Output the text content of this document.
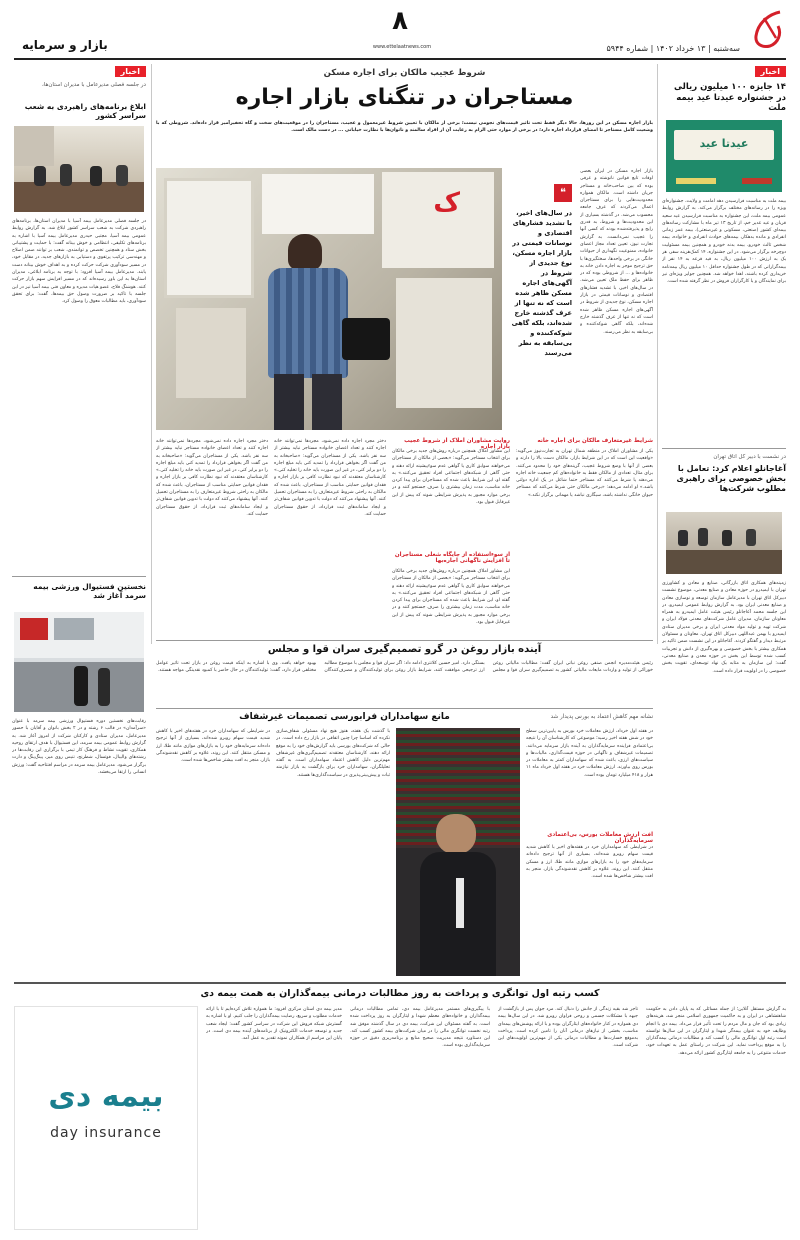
سه‌شنبه | ۱۳ خرداد ۱۴۰۲ | شماره ۵۹۴۴
۸
www.ettelaatnews.com
بازار و سرمایه
اخبار
۱۴ جایزه ۱۰۰ میلیون ریالی در جشنواره عیدتا عید بیمه ملت
عیدتا عید
بیمه ملت به مناسبت فرارسیدن دهه امامت و ولایت، جشنواره‌ای ویژه را در رسانه‌های مختلف برگزار می‌کند. به گزارش روابط عمومی بیمه ملت، این جشنواره به مناسبت فرارسیدن عید سعید قربان و عید غدیر خم، از تاریخ ۱۳ تیر ماه با مشارکت رسانه‌های بیمه‌ای کشور (صنعتی، مسکونی و غیرصنعتی)، بیمه عمر زمانی انفرادی و مانده بدهکار، بیمه‌های حوادث انفرادی و خانواده، بیمه شخص ثالث خودرو، بیمه بدنه خودرو و همچنین بیمه مسئولیت دوچرخه برگزار می‌شود. در این جشنواره، ۱۴ کمک‌هزینه سفر، هر یک به ارزش ۱۰۰ میلیون ریال، به قید قرعه به ۱۴ نفر از بیمه‌گزارانی که در طول جشنواره حداقل ۱۰ میلیون ریال بیمه‌نامه خریداری کرده باشند، اهدا خواهد شد. همچنین جوایز ویژه‌ای نیز برای نمایندگان و یا کارگزاران فروش در نظر گرفته شده است.
در نشست با دبیر کل اتاق تهران
آغاجانلو اعلام کرد: تعامل با بخش خصوصی برای راهبری مطلوب شرکت‌ها
زمینه‌های همکاری اتاق بازرگانی، صنایع و معادن و کشاورزی تهران با ایمیدرو در حوزه معادن و صنایع معدنی، موضوع نشست دبیرکل اتاق تهران با مدیرعامل سازمان توسعه و نوسازی معادن و صنایع معدنی ایران بود. به گزارش روابط عمومی ایمیدرو، در این جلسه محمد آغاجانلو رئیس هیئت عامل ایمیدرو به همراه معاونان سازمان، مدیران عامل شرکت‌های معدنی فولاد ایران و شرکت تهیه و تولید مواد معدنی ایران و برخی مدیران ستادی ایمیدرو با بهمن عبداللهی دبیرکل اتاق تهران، معاونان و مسئولان مرتبط دیدار و گفتگو کردند. آغاجانلو در این نشست ضمن تاکید بر همکاری بیشتر با بخش خصوصی و بهره‌گیری از دانش و تجربیات کسب شده توسط این بخش در حوزه معدن و صنایع معدنی، گفت: این سازمان به مثابه یک نهاد توسعه‌ای، تقویت بخش خصوصی را در اولویت قرار داده است.
اخبار
در جلسه فصلی مدیرعامل با مدیران استان‌ها،
ابلاغ برنامه‌های راهبردی به شعب سراسر کشور
در جلسه فصلی مدیرعامل بیمه آسیا با مدیران استان‌ها، برنامه‌های راهبردی شرکت به شعب سراسر کشور ابلاغ شد. به گزارش روابط عمومی بیمه آسیا، مجتبی حیدری مدیرعامل بیمه آسیا با اشاره به برنامه‌های تکلیفی، انتظامی و خوش بینانه گفت: با حمایت و پشتیبانی بخش ستاد و همچنین تخصص و توانمندی، شعب بر توانند ضمن اصلاح و مهندسی ترکیب پرتفوی و دستیابی به بازارهای جدید، در مقابل خود، در مسیر سودآوری شرکت حرکت کرده و به اهداف خوش بینانه دست یابند. مدیرعامل بیمه آسیا افزود: با توجه به برنامه ابلاغی، مدیران استان‌ها به این باور رسیده‌اند که در مسیر افزایش سهم بازار حرکت کنند. هوشنگ فلاح، عضو هیات مدیره و معاون فنی بیمه آسیا نیز در این جلسه با تاکید بر ضرورت وصول حق بیمه‌ها، گفت: برای تحقق سودآوری، باید مطالبات معوق را وصول کرد.
نخستین فستیوال ورزشی بیمه سرمد آغاز شد
رقابت‌های نخستین دوره فستیوال ورزشی بیمه سرمد با عنوان «سرآمدان» در قالب ۶ رشته و در ۲ بخش بانوان و آقایان با حضور مدیرعامل، مدیران ستادی و کارکنان شرکت از امروز آغاز شد. به گزارش روابط عمومی بیمه سرمد، این فستیوال با هدف ارتقای روحیه همکاری، تقویت نشاط و فرهنگ کار تیمی با برگزاری این رقابت‌ها در رشته‌های والیبال، فوتسال، شطرنج، تنیس روی میز، پینگ‌پنگ و دارت برگزار می‌شود. مدیرعامل بیمه سرمد در مراسم افتتاحیه گفت: ورزش انسانی را ارتقا می‌بخشد.
شروط عجیب مالکان برای اجاره مسکن
مستاجران در تنگنای بازار اجاره
بازار اجاره مسکن در این روزها، حالا دیگر فقط تحت تاثیر قیمت‌های نجومی نیست؛ برخی از مالکان با تعیین شروط غیرمعمول و عجیب، مستاجران را در موقعیت‌های سخت و گاه تحقیرآمیز قرار داده‌اند. شروطی که با وضعیت کامل مستاجر تا امضای قرارداد اجاره دارد؛ در برخی از موارد حتی الزام به رعایت آن از افراد سالمند و ناتوان‌ها با نظارت خیابانی ... در دست مالک است.
ک	❝
در سال‌های اخیر، با تشدید فشارهای اقتصادی و نوسانات قیمتی در بازار اجاره مسکن، نوع جدیدی از شروط در آگهی‌های اجاره مسکن ظاهر شده است که نه تنها از عرف گذشته خارج شده‌اند، بلکه گاهی شوکه‌کننده و بی‌سابقه به نظر می‌رسند
بازار اجاره مسکن در ایران بعضی اوقات تابع قوانین نانوشته و عرفی بوده که بین صاحب‌خانه و مستاجر جریان داشته است. مالکان همواره محدودیت‌هایی را برای مستاجران اعمال می‌کردند که عرف جامعه محسوب می‌شد. در گذشته بسیاری از این محدودیت‌ها و شروط، به قدری رایج و پذیرفته‌شده بودند که کسی آنها را عجیب نمی‌دانست. به گزارش تجارت نیوز، تعیین تعداد مجاز اعضای خانواده، ممنوعیت نگهداری از حیوانات خانگی در برخی واحدها، سختگیری‌ها با حق ترجیح موجر به اجاره دادن خانه به خانواده‌ها و ... از شروطی بوده که در ظاهر برای حفظ ملک تعیین می‌شد. در سال‌های اخیر، با تشدید فشارهای اقتصادی و نوسانات قیمتی در بازار اجاره مسکن، نوع جدیدی از شروط در آگهی‌های اجاره مسکن ظاهر شده است که نه تنها از عرف گذشته خارج شده‌اند، بلکه گاهی شوکه‌کننده و بی‌سابقه به نظر می‌رسند.
شرایط غیرمتعارف مالکان برای اجاره خانه
یکی از مشاوران املاک در منطقه شمال تهران به تجارت‌نیوز می‌گوید: «واقعیت این است که در این شرایط بازار، مالکان دست بالا را دارند و بعضی از آنها با وضع شروط عجیب، گزینه‌های خود را محدود می‌کنند. برای مثال، تعدادی از مالکان فقط به خانواده‌های کم جمعیت خانه اجاره می‌دهند یا شرط می‌کنند که مستاجر حتما شاغل در یک اداره دولتی باشد.» او ادامه می‌دهد: «برخی مالکان حتی شرط می‌کنند که مستاجر حیوان خانگی نداشته باشد، سیگاری نباشد یا مهمانی برگزار نکند.»
روایت مشاوران املاک از شروط عجیب بازار اجاره
این مشاور املاک همچنین درباره روش‌های جدید برخی مالکان برای انتخاب مستاجر می‌گوید: «بعضی از مالکان از مستاجران می‌خواهند سوابق کاری یا گواهی عدم سوءپیشینه ارائه دهند و حتی گاهی از شبکه‌های اجتماعی افراد تحقیق می‌کنند.» به گفته او، این شرایط باعث شده که مستاجران برای پیدا کردن خانه مناسب، مدت زمان بیشتری را صرف جستجو کنند و در برخی موارد مجبور به پذیرش شرایطی شوند که پیش از این غیرقابل قبول بود.
از سوءاستفاده از جایگاه شغلی مستاجران تا افزایش ناگهانی اجاره‌بها
این مشاور املاک همچنین درباره روش‌های جدید برخی مالکان برای انتخاب مستاجر می‌گوید: «بعضی از مالکان از مستاجران می‌خواهند سوابق کاری یا گواهی عدم سوءپیشینه ارائه دهند و حتی گاهی از شبکه‌های اجتماعی افراد تحقیق می‌کنند.» به گفته او، این شرایط باعث شده که مستاجران برای پیدا کردن خانه مناسب، مدت زمان بیشتری را صرف جستجو کنند و در برخی موارد مجبور به پذیرش شرایطی شوند که پیش از این غیرقابل قبول بود.
دختر مجرد اجاره داده نمی‌شود، مجردها نمی‌توانند خانه اجاره کنند و تعداد اعضای خانواده مستاجر نباید بیشتر از سه نفر باشد. یکی از مستاجران می‌گوید: «صاحبخانه به من گفت اگر بخواهی قرارداد را تمدید کنی باید مبلغ اجاره را دو برابر کنی، در غیر این صورت باید خانه را تخلیه کنی.» کارشناسان معتقدند که نبود نظارت کافی بر بازار اجاره و فقدان قوانین حمایتی مناسب از مستاجران، باعث شده که مالکان به راحتی شروط غیرمتعارف را به مستاجران تحمیل کنند. آنها پیشنهاد می‌کنند که دولت با تدوین قوانین شفاف‌تر و ایجاد سامانه‌های ثبت قرارداد، از حقوق مستاجران حمایت کند.
دختر مجرد اجاره داده نمی‌شود، مجردها نمی‌توانند خانه اجاره کنند و تعداد اعضای خانواده مستاجر نباید بیشتر از سه نفر باشد. یکی از مستاجران می‌گوید: «صاحبخانه به من گفت اگر بخواهی قرارداد را تمدید کنی باید مبلغ اجاره را دو برابر کنی، در غیر این صورت باید خانه را تخلیه کنی.» کارشناسان معتقدند که نبود نظارت کافی بر بازار اجاره و فقدان قوانین حمایتی مناسب از مستاجران، باعث شده که مالکان به راحتی شروط غیرمتعارف را به مستاجران تحمیل کنند. آنها پیشنهاد می‌کنند که دولت با تدوین قوانین شفاف‌تر و ایجاد سامانه‌های ثبت قرارداد، از حقوق مستاجران حمایت کند.
آینده بازار روغن در گرو تصمیم‌گیری سران قوا و مجلس
رئیس هیئت‌مدیره انجمن صنفی روغن نباتی ایران گفت: مطالبات مالیاتی روغن خوراکی از تولید و واردات مایعات مالیاتی کشور به تصمیم‌گیری سران قوا و مجلس بستگی دارد. امیر حسین کلانتری ادامه داد: اگر سران قوا و مجلس با موضوع مطالبه ارز ترجیحی موافقت کنند، شرایط بازار روغن برای تولیدکنندگان و مصرف‌کنندگان بهبود خواهد یافت. وی با اشاره به اینکه قیمت روغن در بازار تحت تاثیر عوامل مختلفی قرار دارد، گفت: تولیدکنندگان در حال حاضر با کمبود نقدینگی مواجه هستند.
نشانه مهم کاهش اعتماد به بورس پدیدار شد
مانع سهامداران فرابورسی تصمیمات غیرشفاف
در هفته اول خرداد، ارزش معاملات خرد بورس به پایین‌ترین سطح خود در شش هفته اخیر رسید؛ موضوعی که کارشناسان آن را نتیجه بی‌اعتمادی فزاینده سرمایه‌گذاران به آینده بازار سرمایه می‌دانند. تصمیمات غیرشفاف و ناگهانی در حوزه قیمت‌گذاری، مالیات‌ها و سیاست‌های ارزی، باعث شده که سهامداران کمتر به معاملات در بورس روی بیاورند. ارزش معاملات خرد در هفته اول خرداد ماه ۱۱ هزار و ۴۱۸ میلیارد تومان بوده است.
افت ارزش معاملات بورس، بی‌اعتمادی سرمایه‌گذاران
در شرایطی که سهامداران خرد در هفته‌های اخیر با کاهش شدید قیمت سهام روبرو شده‌اند، بسیاری از آنها ترجیح داده‌اند سرمایه‌های خود را به بازارهای موازی مانند طلا، ارز و مسکن منتقل کنند. این روند، علاوه بر کاهش نقدشوندگی بازار، منجر به افت بیشتر شاخص‌ها شده است.
با گذشت یک هفته، هنوز هیچ نهاد مسئولی شفاف‌سازی نکرده که اساسا چرا چنین اتفاقی در بازار رخ داده است. در حالی که شرکت‌های بورسی باید گزارش‌های خود را به موقع ارائه دهند، کارشناسان معتقدند تصمیم‌گیری‌های غیرشفاف مهم‌ترین دلیل کاهش اعتماد سهامداران است. به گفته تحلیلگران، سهامداران خرد برای بازگشت به بازار نیازمند ثبات و پیش‌بینی‌پذیری در سیاست‌گذاری‌ها هستند.
در شرایطی که سهامداران خرد در هفته‌های اخیر با کاهش شدید قیمت سهام روبرو شده‌اند، بسیاری از آنها ترجیح داده‌اند سرمایه‌های خود را به بازارهای موازی مانند طلا، ارز و مسکن منتقل کنند. این روند، علاوه بر کاهش نقدشوندگی بازار، منجر به افت بیشتر شاخص‌ها شده است.
کسب رتبه اول توانگری و پرداخت به روز مطالبات درمانی بیمه‌گذاران به همت بیمه دی
به گزارش مستقل آنلاین؛ از جمله مسائلی که به پایان دادن به حکومت شاهنشاهی در ایران و به حاکمیت جمهوری اسلامی منجر شد، هزینه‌های زیادی بود که جان و مال مردم را تحت تأثیر قرار می‌داد. بیمه دی با انجام وظایف خود به عنوان بیمه‌گر شهدا و ایثارگران در این سال‌ها توانسته است رتبه اول توانگری مالی را کسب کند و مطالبات درمانی بیمه‌گذاران را به موقع پرداخت نماید. این شرکت در راستای عمل به تعهدات خود، خدمات متنوعی را به جامعه ایثارگری کشور ارائه می‌دهد.
تاجر شد بقیه زندگی از جانش را دنبال کند. مرد جوان پس از بازگشت از جبهه با مشکلات جسمی و روحی فراوان روبرو شد. در این سال‌ها بیمه دی همواره در کنار خانواده‌های ایثارگران بوده و با ارائه پوشش‌های بیمه‌ای مناسب، بخشی از نیازهای درمانی آنان را تامین کرده است. پرداخت به‌موقع خسارت‌ها و مطالبات درمانی یکی از مهم‌ترین اولویت‌های این شرکت است.
با پیگیری‌های مستمر مدیرعامل بیمه دی، تمامی مطالبات درمانی بیمه‌گذاران و خانواده‌های معظم شهدا و ایثارگران به روز پرداخت شده است. به گفته مسئولان این شرکت، بیمه دی در سال گذشته موفق شد رتبه نخست توانگری مالی را در میان شرکت‌های بیمه کشور کسب کند. این دستاورد نتیجه مدیریت صحیح منابع و برنامه‌ریزی دقیق در حوزه سرمایه‌گذاری بوده است.
مدیر بیمه دی استان مرکزی افزود: ما همواره تلاش کرده‌ایم تا با ارائه خدمات مطلوب و سریع، رضایت بیمه‌گذاران را جلب کنیم. او با اشاره به گسترش شبکه فروش این شرکت در سراسر کشور گفت: ایجاد شعب جدید و توسعه خدمات الکترونیک از برنامه‌های آینده بیمه دی است. در پایان این مراسم از همکاران نمونه تقدیر به عمل آمد.
بیمه دی
day insurance
